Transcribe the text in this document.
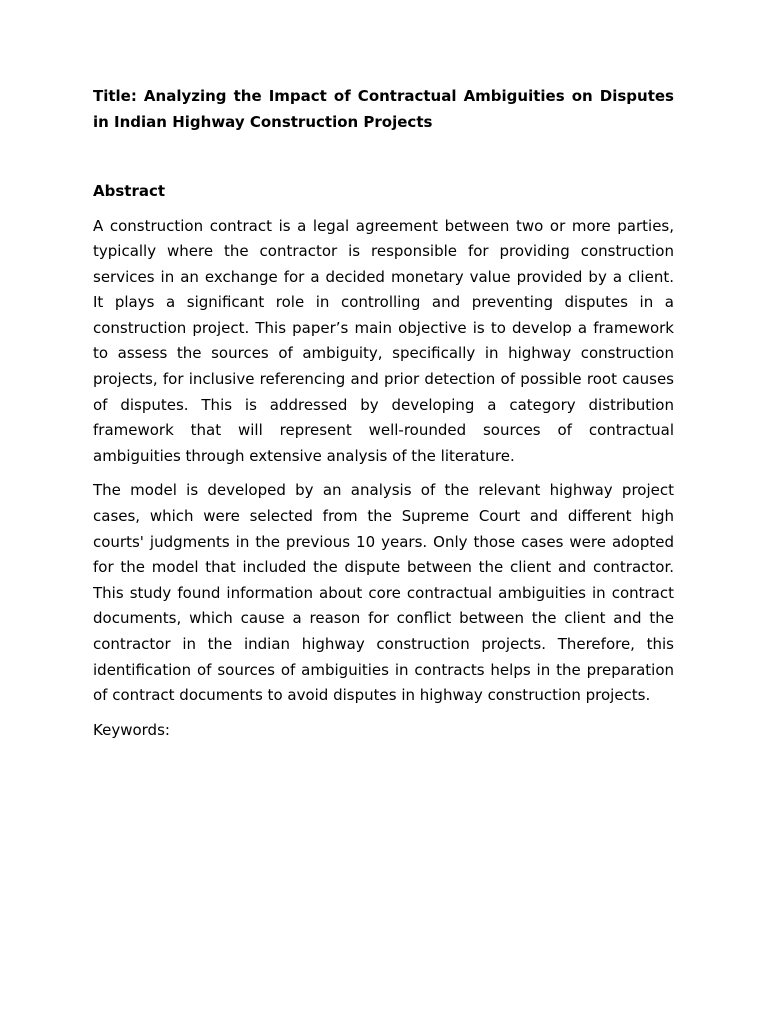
Title: Analyzing the Impact of Contractual Ambiguities on Disputes in Indian Highway Construction Projects

Abstract

A construction contract is a legal agreement between two or more parties, typically where the contractor is responsible for providing construction services in an exchange for a decided monetary value provided by a client. It plays a significant role in controlling and preventing disputes in a construction project. This paper’s main objective is to develop a framework to assess the sources of ambiguity, specifically in highway construction projects, for inclusive referencing and prior detection of possible root causes of disputes. This is addressed by developing a category distribution framework that will represent well-rounded sources of contractual ambiguities through extensive analysis of the literature.

The model is developed by an analysis of the relevant highway project cases, which were selected from the Supreme Court and different high courts' judgments in the previous 10 years. Only those cases were adopted for the model that included the dispute between the client and contractor. This study found information about core contractual ambiguities in contract documents, which cause a reason for conflict between the client and the contractor in the indian highway construction projects. Therefore, this identification of sources of ambiguities in contracts helps in the preparation of contract documents to avoid disputes in highway construction projects.

Keywords:
